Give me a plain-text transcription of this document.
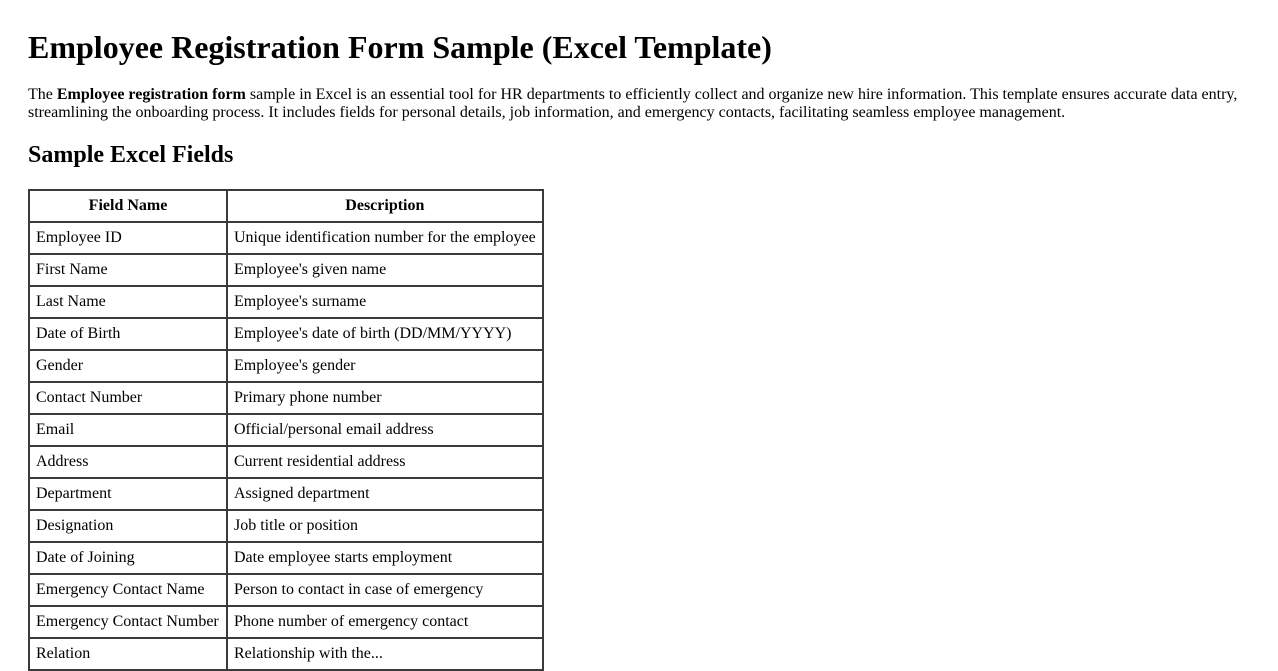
Employee Registration Form Sample (Excel Template)

The Employee registration form sample in Excel is an essential tool for HR departments to efficiently collect and organize new hire information. This template ensures accurate data entry, streamlining the onboarding process. It includes fields for personal details, job information, and emergency contacts, facilitating seamless employee management.

Sample Excel Fields
Field Name	Description
Employee ID	Unique identification number for the employee
First Name	Employee's given name
Last Name	Employee's surname
Date of Birth	Employee's date of birth (DD/MM/YYYY)
Gender	Employee's gender
Contact Number	Primary phone number
Email	Official/personal email address
Address	Current residential address
Department	Assigned department
Designation	Job title or position
Date of Joining	Date employee starts employment
Emergency Contact Name	Person to contact in case of emergency
Emergency Contact Number	Phone number of emergency contact
Relation	Relationship with the...
